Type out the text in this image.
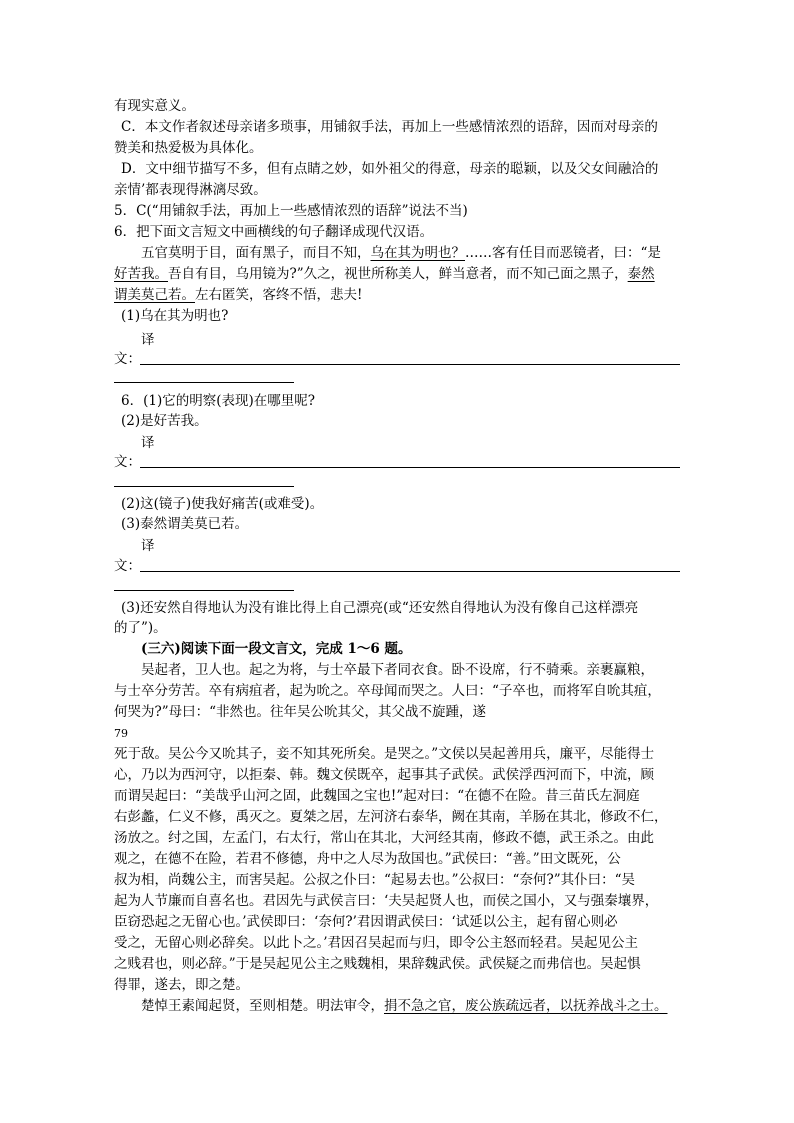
有现实意义。
C．本文作者叙述母亲诸多琐事，用铺叙手法，再加上一些感情浓烈的语辞，因而对母亲的
赞美和热爱极为具体化。
D．文中细节描写不多，但有点睛之妙，如外祖父的得意，母亲的聪颖，以及父女间融洽的
亲情’都表现得淋漓尽致。
5．C(“用铺叙手法，再加上一些感情浓烈的语辞”说法不当)
6．把下面文言短文中画横线的句子翻译成现代汉语。
五官莫明于目，面有黑子，而目不知，乌在其为明也？……客有任目而恶镜者，曰：“是
好苦我。吾自有目，乌用镜为?”久之，视世所称美人，鲜当意者，而不知己面之黑子，泰然
谓美莫己若。左右匿笑，客终不悟，悲夫!
(1)乌在其为明也?
译
文：
6．(1)它的明察(表现)在哪里呢?
(2)是好苦我。
译
文：
(2)这(镜子)使我好痛苦(或难受)。
(3)泰然谓美莫已若。
译
文：
(3)还安然自得地认为没有谁比得上自己漂亮(或“还安然自得地认为没有像自己这样漂亮
的了”)。
(三六)阅读下面一段文言文，完成 1～6 题。
吴起者，卫人也。起之为将，与士卒最下者同衣食。卧不设席，行不骑乘。亲裹赢粮，
与士卒分劳苦。卒有病疽者，起为吮之。卒母闻而哭之。人曰：“子卒也，而将军自吮其疽，
何哭为?”母曰：“非然也。往年吴公吮其父，其父战不旋踵，遂
79
死于敌。吴公今又吮其子，妾不知其死所矣。是哭之。”文侯以吴起善用兵，廉平，尽能得士
心，乃以为西河守，以拒秦、韩。魏文侯既卒，起事其子武侯。武侯浮西河而下，中流，顾
而谓吴起曰：“美哉乎山河之固，此魏国之宝也!”起对曰：“在德不在险。昔三苗氏左洞庭
右彭蠡，仁义不修，禹灭之。夏桀之居，左河济右泰华，阙在其南，羊肠在其北，修政不仁，
汤放之。纣之国，左孟门，右太行，常山在其北，大河经其南，修政不德，武王杀之。由此
观之，在德不在险，若君不修德，舟中之人尽为敌国也。”武侯曰：“善。”田文既死，公
叔为相，尚魏公主，而害吴起。公叔之仆曰：“起易去也。”公叔曰：“奈何?”其仆曰：“吴
起为人节廉而自喜名也。君因先与武侯言曰：‘夫吴起贤人也，而侯之国小，又与强秦壤界，
臣窃恐起之无留心也。’武侯即曰：‘奈何?’君因谓武侯曰：‘试延以公主，起有留心则必
受之，无留心则必辞矣。以此卜之。’君因召吴起而与归，即令公主怒而轻君。吴起见公主
之贱君也，则必辞。”于是吴起见公主之贱魏相，果辞魏武侯。武侯疑之而弗信也。吴起惧
得罪，遂去，即之楚。
楚悼王素闻起贤，至则相楚。明法审令，捐不急之官，废公族疏远者，以抚养战斗之士。
